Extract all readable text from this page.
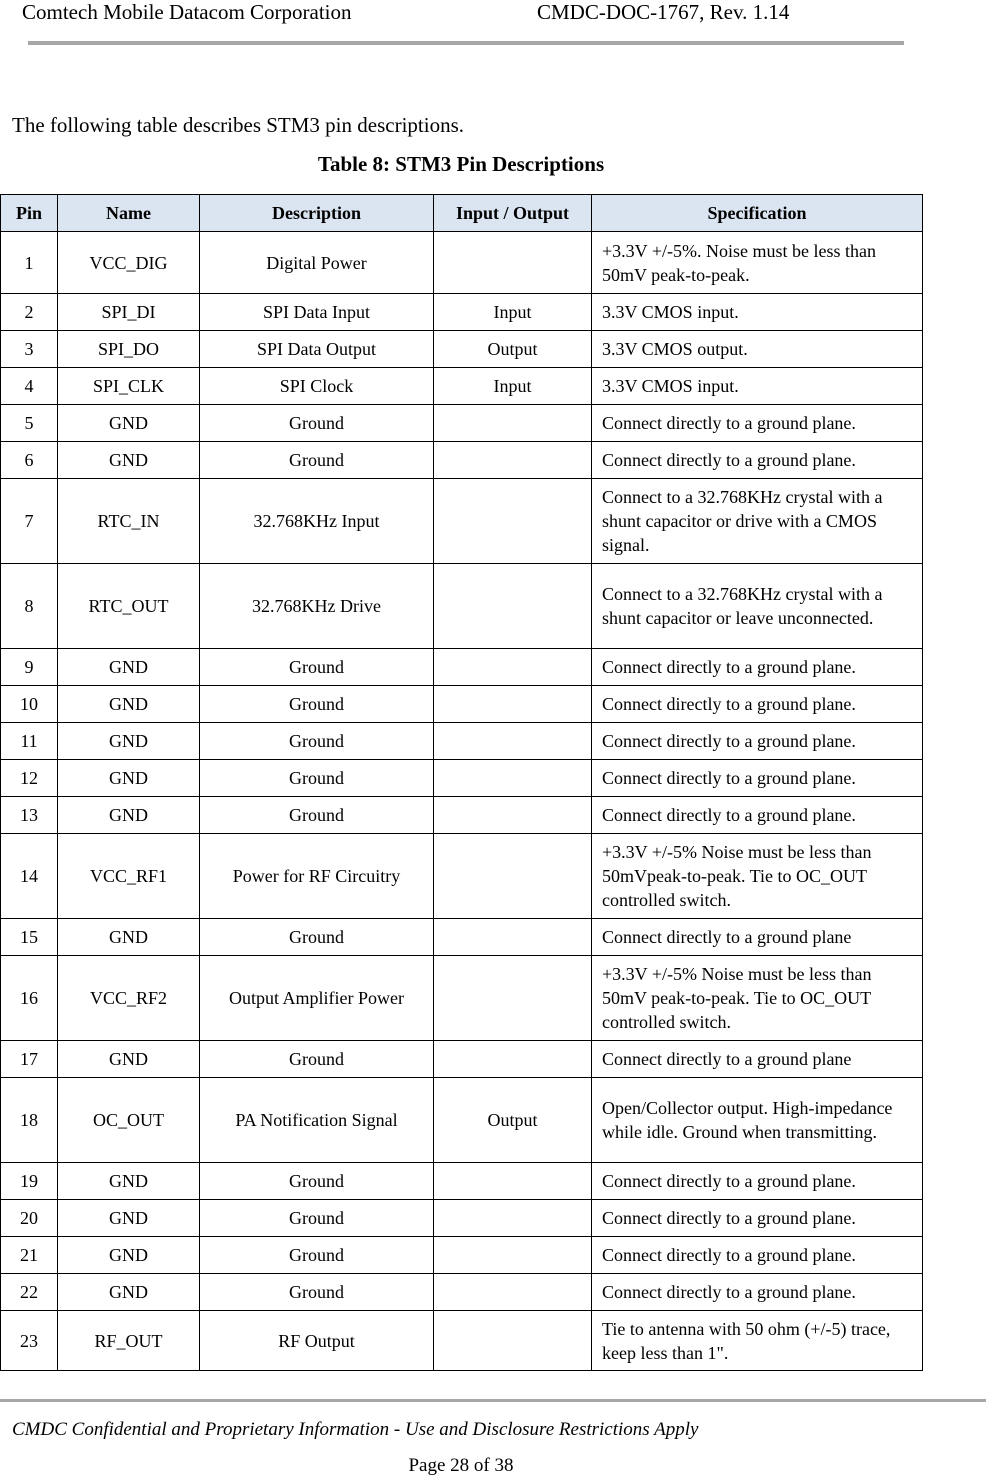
Comtech Mobile Datacom Corporation	CMDC-DOC-1767, Rev. 1.14
The following table describes STM3 pin descriptions.
Table 8: STM3 Pin Descriptions
Pin	Name	Description	Input / Output	Specification
1	VCC_DIG	Digital Power		+3.3V +/-5%. Noise must be less than 50mV peak-to-peak.
2	SPI_DI	SPI Data Input	Input	3.3V CMOS input.
3	SPI_DO	SPI Data Output	Output	3.3V CMOS output.
4	SPI_CLK	SPI Clock	Input	3.3V CMOS input.
5	GND	Ground		Connect directly to a ground plane.
6	GND	Ground		Connect directly to a ground plane.
7	RTC_IN	32.768KHz Input		Connect to a 32.768KHz crystal with a shunt capacitor or drive with a CMOS signal.
8	RTC_OUT	32.768KHz Drive		Connect to a 32.768KHz crystal with a shunt capacitor or leave unconnected.
9	GND	Ground		Connect directly to a ground plane.
10	GND	Ground		Connect directly to a ground plane.
11	GND	Ground		Connect directly to a ground plane.
12	GND	Ground		Connect directly to a ground plane.
13	GND	Ground		Connect directly to a ground plane.
14	VCC_RF1	Power for RF Circuitry		+3.3V +/-5% Noise must be less than 50mVpeak-to-peak. Tie to OC_OUT controlled switch.
15	GND	Ground		Connect directly to a ground plane
16	VCC_RF2	Output Amplifier Power		+3.3V +/-5% Noise must be less than 50mV peak-to-peak. Tie to OC_OUT controlled switch.
17	GND	Ground		Connect directly to a ground plane
18	OC_OUT	PA Notification Signal	Output	Open/Collector output. High-impedance while idle. Ground when transmitting.
19	GND	Ground		Connect directly to a ground plane.
20	GND	Ground		Connect directly to a ground plane.
21	GND	Ground		Connect directly to a ground plane.
22	GND	Ground		Connect directly to a ground plane.
23	RF_OUT	RF Output		Tie to antenna with 50 ohm (+/-5) trace, keep less than 1".
CMDC Confidential and Proprietary Information - Use and Disclosure Restrictions Apply
Page 28 of 38
